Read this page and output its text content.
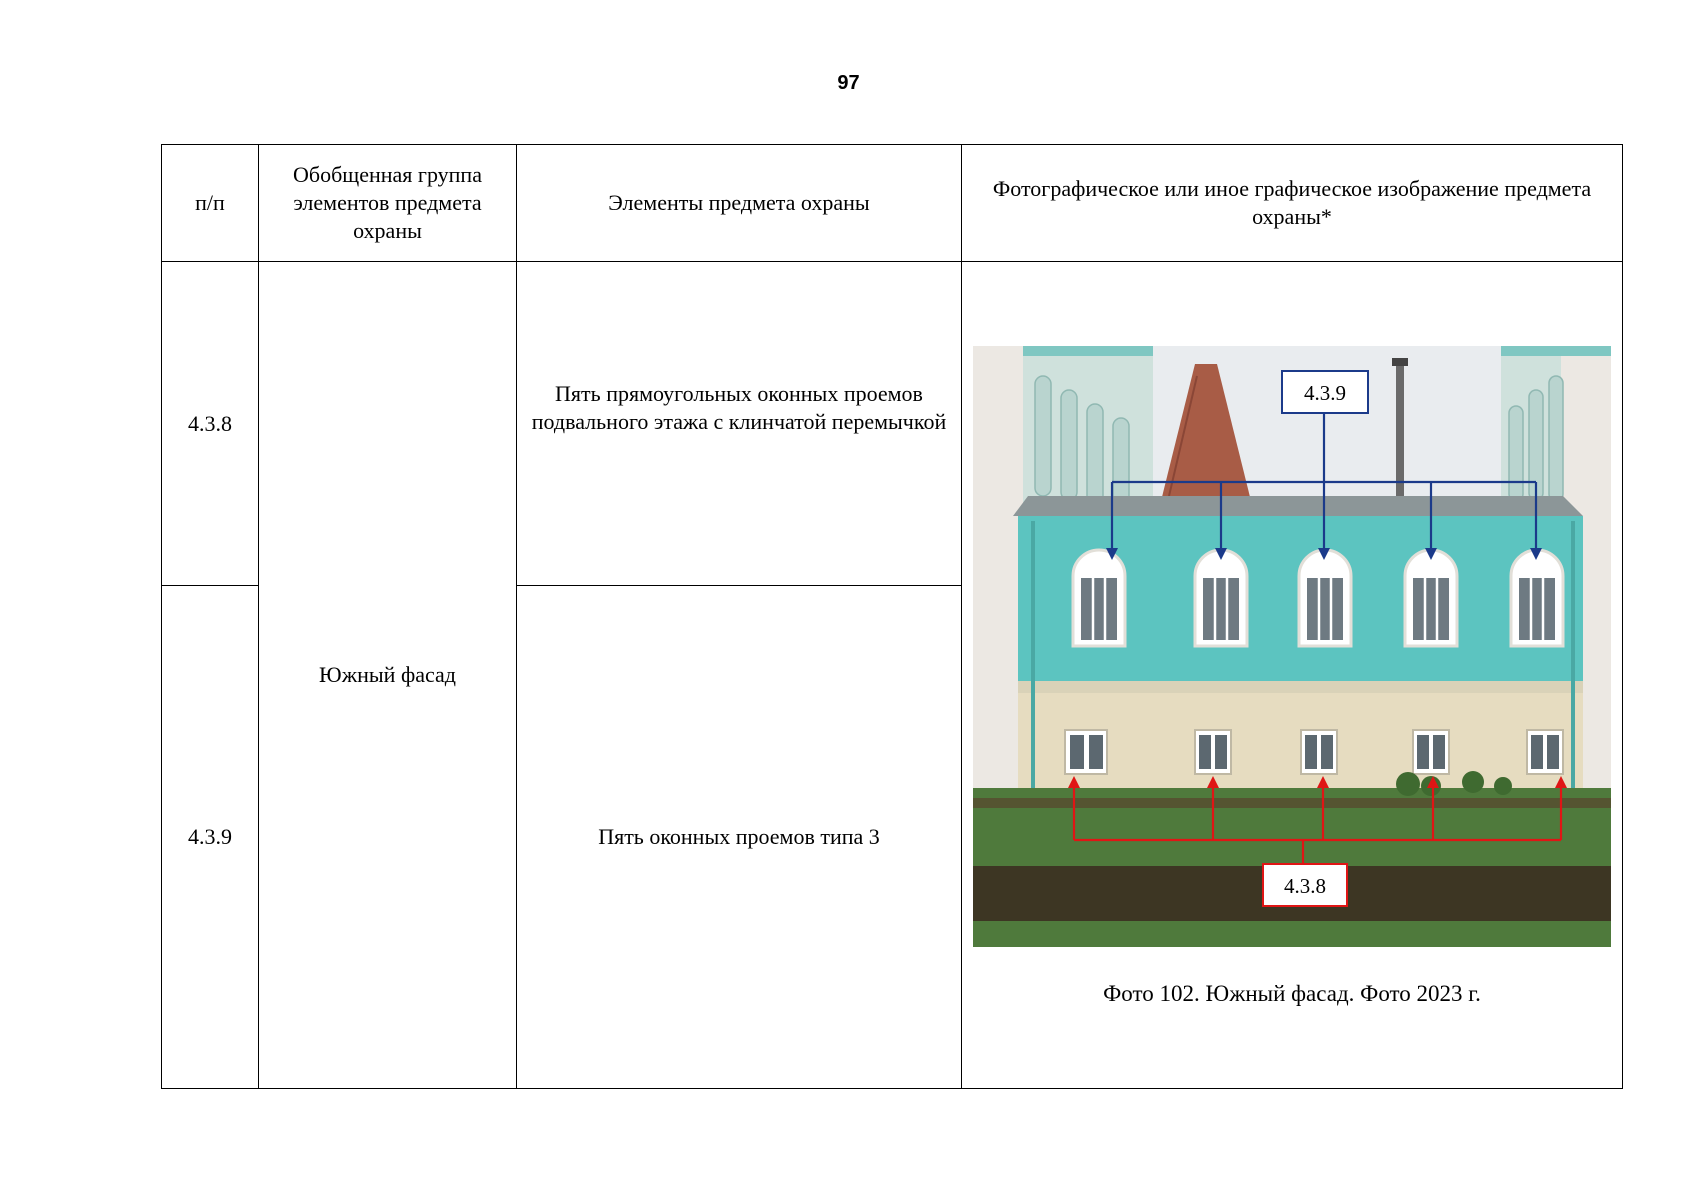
97
п/п	Обобщенная группа элементов предмета охраны	Элементы предмета охраны	Фотографическое или иное графическое изображение предмета охраны*

4.3.8	Южный фасад	Пять прямоугольных оконных проемов подвального этажа с клинчатой перемычкой	4.3.9
4.3.8
Фото 102. Южный фасад. Фото 2023 г.

4.3.9		Пять оконных проемов типа 3	
